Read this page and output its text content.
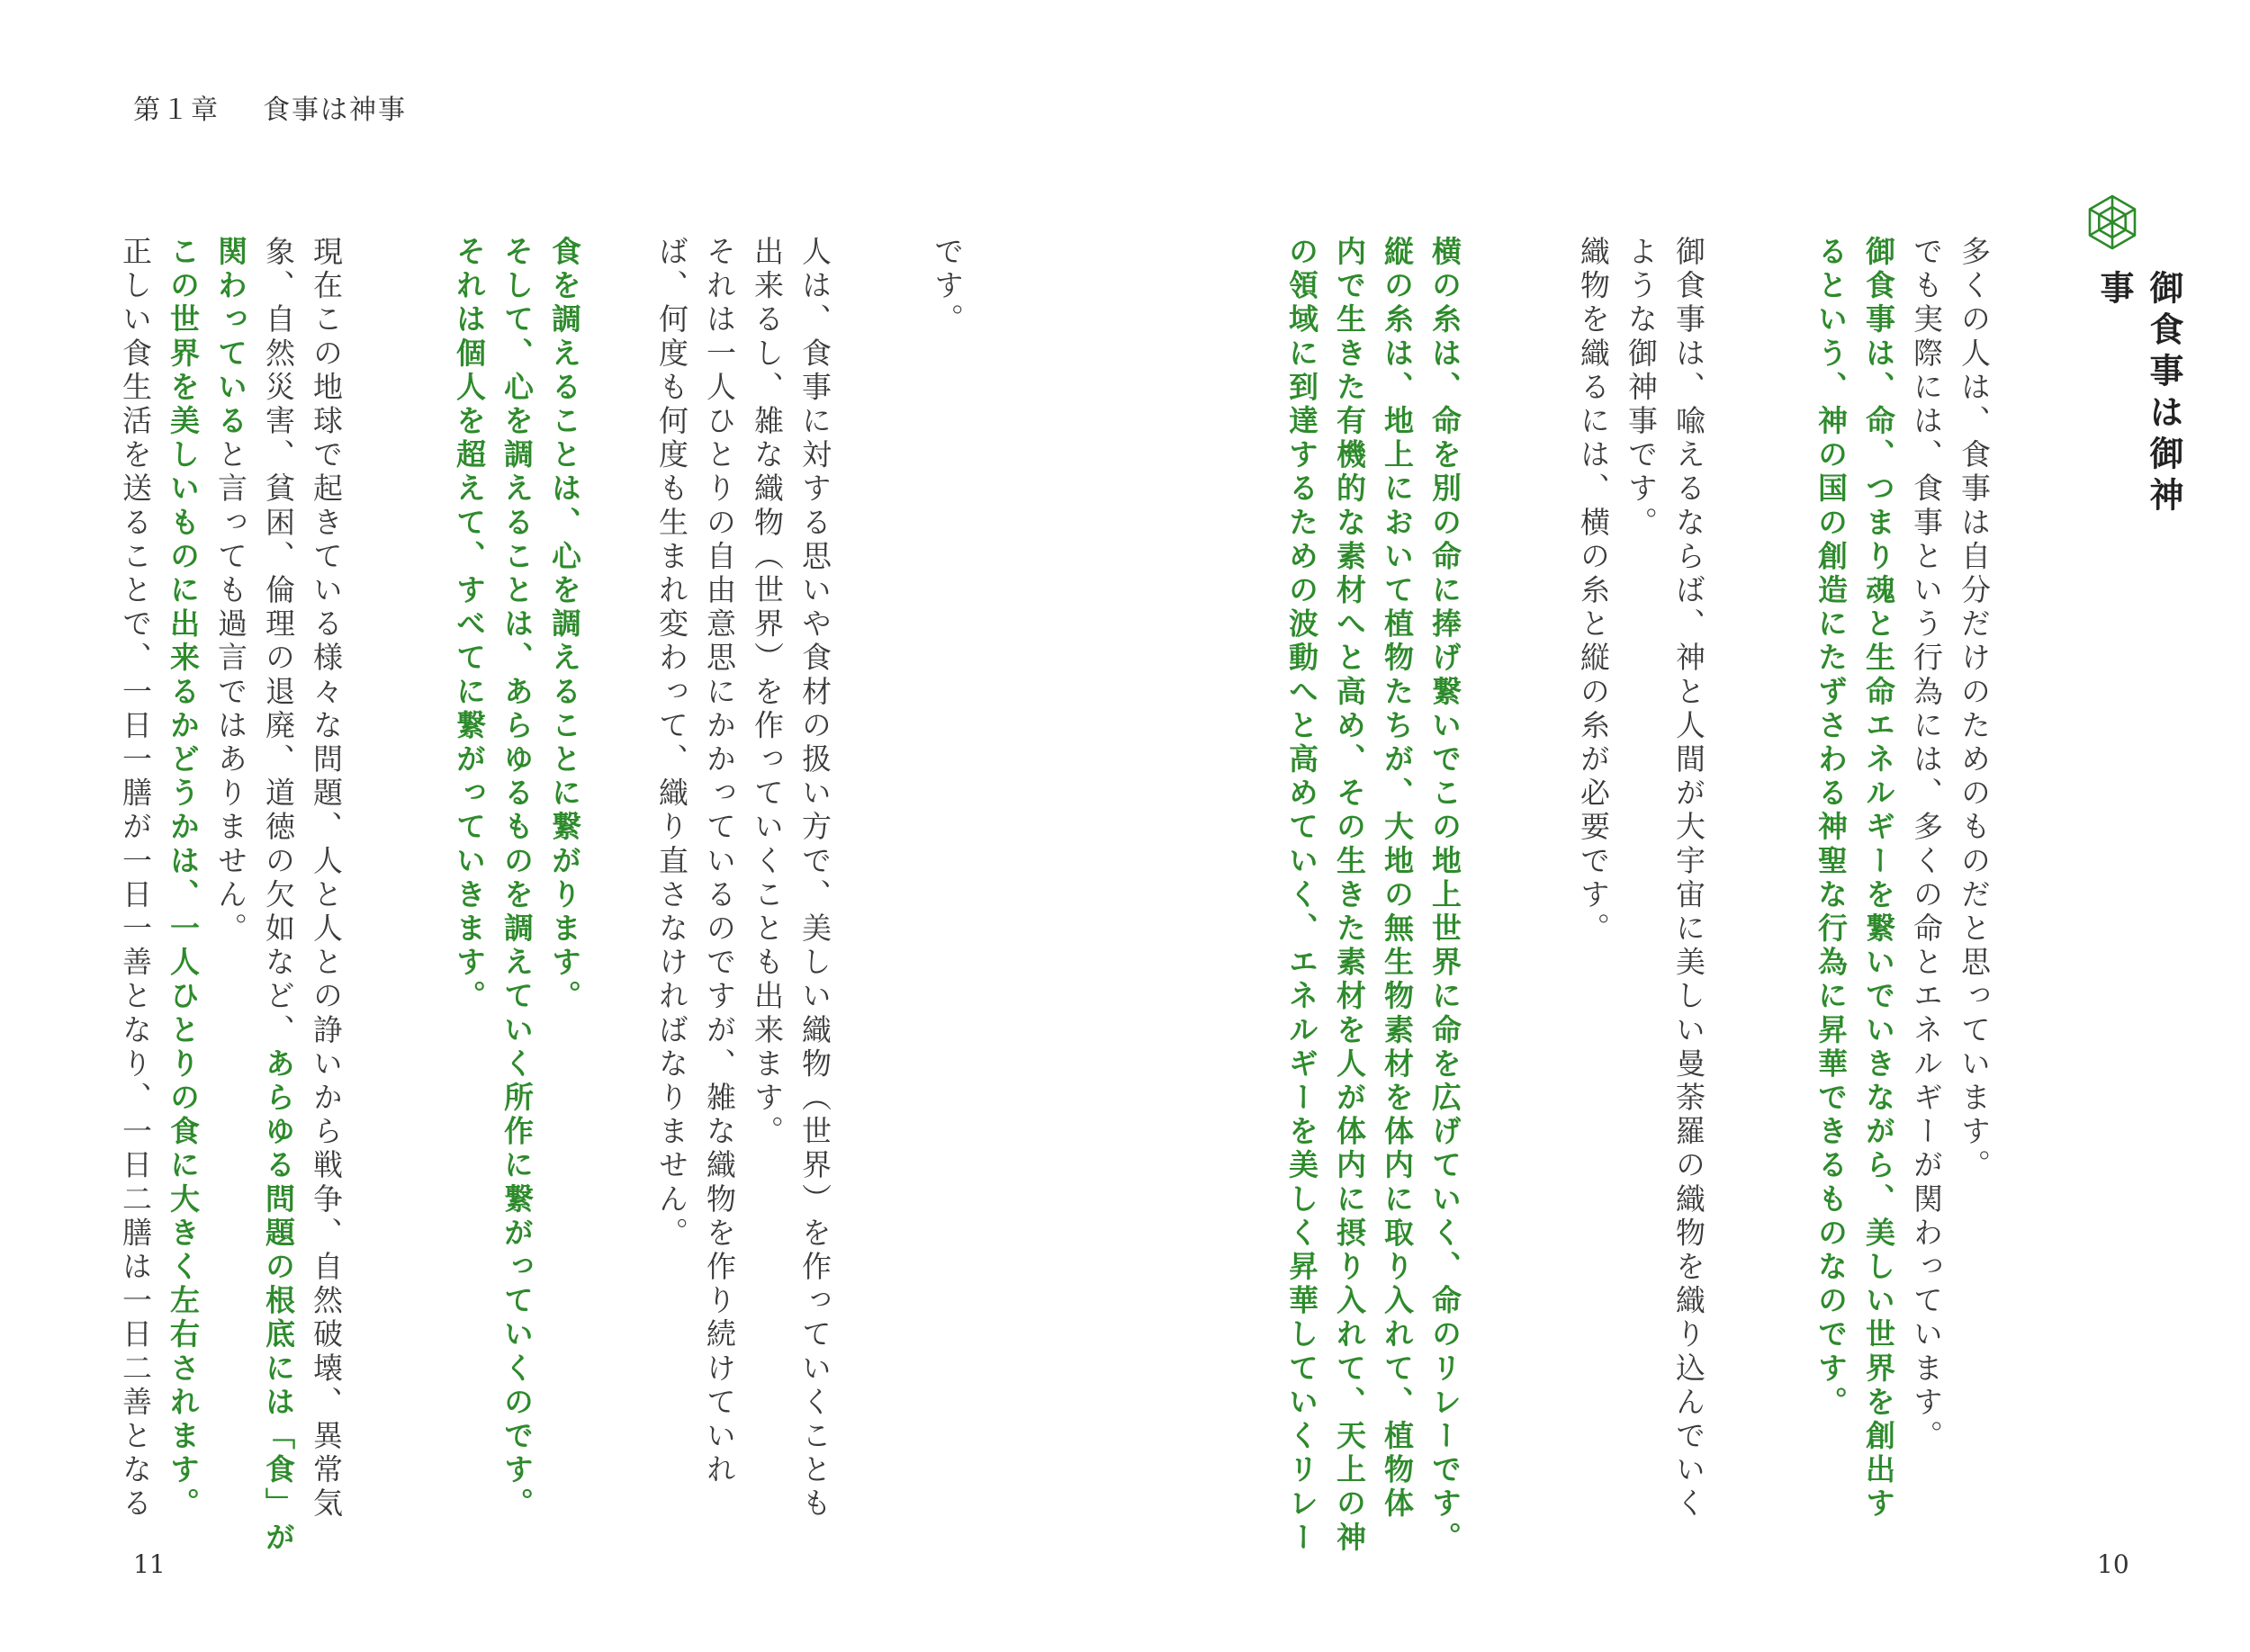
第１章 食事は神事
御食事は御神事
多くの人は、食事は自分だけのためのものだと思っています。
でも実際には、食事という行為には、多くの命とエネルギーが関わっています。
御食事は、命、つまり魂と生命エネルギーを繋いでいきながら、美しい世界を創出す
るという、神の国の創造にたずさわる神聖な行為に昇華できるものなのです。
御食事は、喩えるならば、神と人間が大宇宙に美しい曼荼羅の織物を織り込んでいく
ような御神事です。
織物を織るには、横の糸と縦の糸が必要です。
横の糸は、命を別の命に捧げ繋いでこの地上世界に命を広げていく、命のリレーです。
縦の糸は、地上において植物たちが、大地の無生物素材を体内に取り入れて、植物体
内で生きた有機的な素材へと高め、その生きた素材を人が体内に摂り入れて、天上の神
の領域に到達するための波動へと高めていく、エネルギーを美しく昇華していくリレー
です。
人は、食事に対する思いや食材の扱い方で、美しい織物（世界）を作っていくことも
出来るし、雑な織物（世界）を作っていくことも出来ます。
それは一人ひとりの自由意思にかかっているのですが、雑な織物を作り続けていれ
ば、何度も何度も生まれ変わって、織り直さなければなりません。
食を調えることは、心を調えることに繋がります。
そして、心を調えることは、あらゆるものを調えていく所作に繋がっていくのです。
それは個人を超えて、すべてに繋がっていきます。
現在この地球で起きている様々な問題、人と人との諍いから戦争、自然破壊、異常気
象、自然災害、貧困、倫理の退廃、道徳の欠如など、あらゆる問題の根底には「食」が
関わっていると言っても過言ではありません。
この世界を美しいものに出来るかどうかは、一人ひとりの食に大きく左右されます。
正しい食生活を送ることで、一日一膳が一日一善となり、一日二膳は一日二善となる
11	10
